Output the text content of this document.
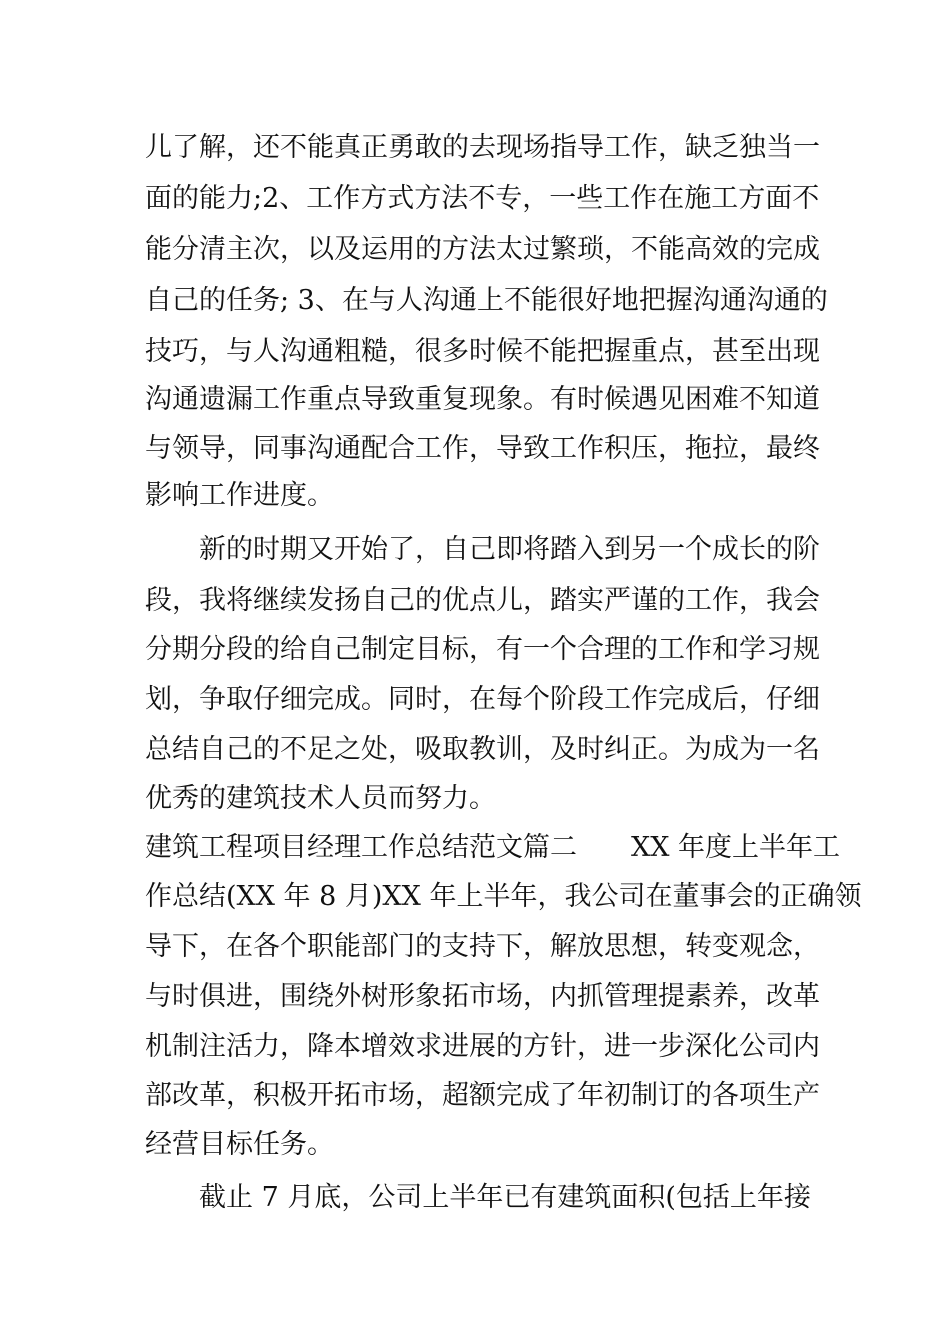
儿了解，还不能真正勇敢的去现场指导工作，缺乏独当一
面的能力;2、工作方式方法不专，一些工作在施工方面不
能分清主次，以及运用的方法太过繁琐，不能高效的完成
自己的任务; 3、在与人沟通上不能很好地把握沟通沟通的
技巧，与人沟通粗糙，很多时候不能把握重点，甚至出现
沟通遗漏工作重点导致重复现象。有时候遇见困难不知道
与领导，同事沟通配合工作，导致工作积压，拖拉，最终
影响工作进度。
新的时期又开始了，自己即将踏入到另一个成长的阶
段，我将继续发扬自己的优点儿，踏实严谨的工作，我会
分期分段的给自己制定目标，有一个合理的工作和学习规
划，争取仔细完成。同时，在每个阶段工作完成后，仔细
总结自己的不足之处，吸取教训，及时纠正。为成为一名
优秀的建筑技术人员而努力。
建筑工程项目经理工作总结范文篇二　　XX 年度上半年工
作总结(XX 年 8 月)XX 年上半年，我公司在董事会的正确领
导下，在各个职能部门的支持下，解放思想，转变观念，
与时俱进，围绕外树形象拓市场，内抓管理提素养，改革
机制注活力，降本增效求进展的方针，进一步深化公司内
部改革，积极开拓市场，超额完成了年初制订的各项生产
经营目标任务。
截止 7 月底，公司上半年已有建筑面积(包括上年接
